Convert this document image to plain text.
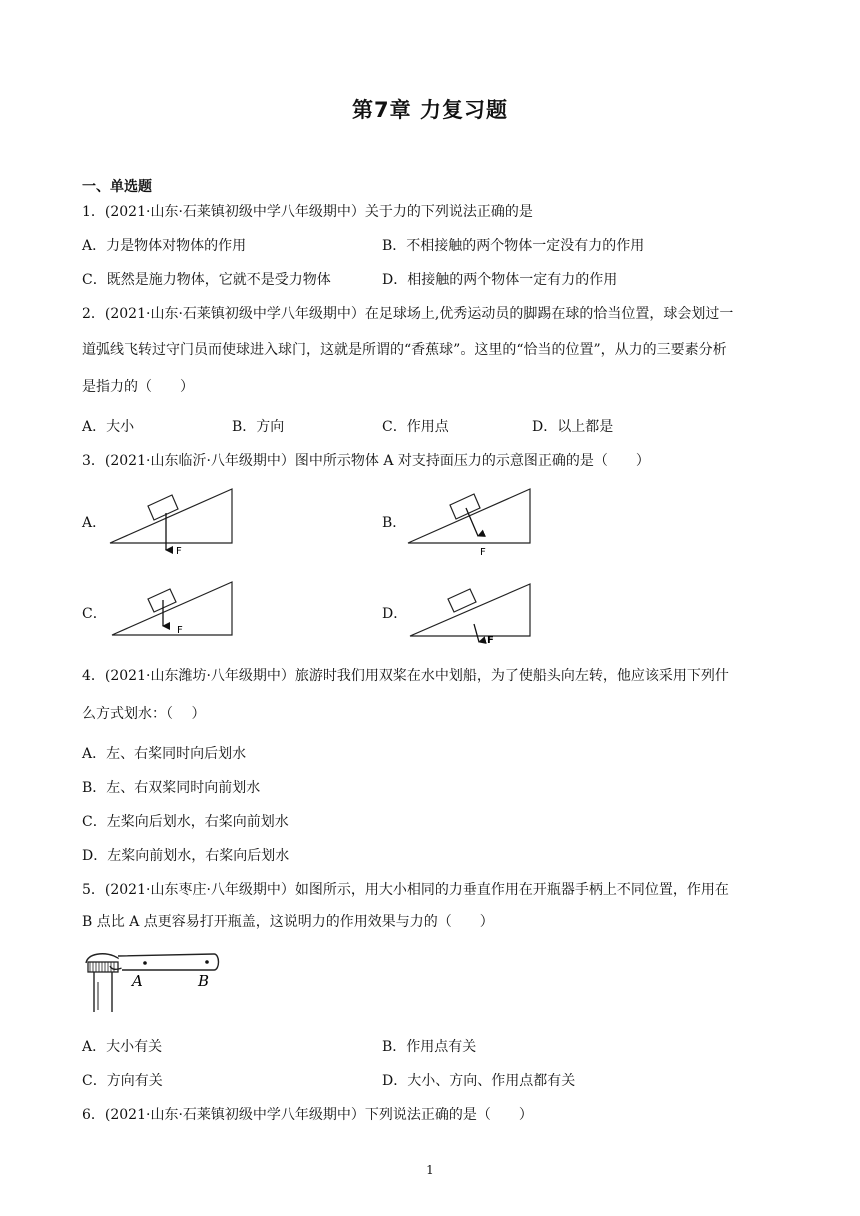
第7章 力复习题
一、单选题
1．(2021·山东·石莱镇初级中学八年级期中）关于力的下列说法正确的是
A．力是物体对物体的作用	B．不相接触的两个物体一定没有力的作用
C．既然是施力物体，它就不是受力物体	D．相接触的两个物体一定有力的作用
2．(2021·山东·石莱镇初级中学八年级期中）在足球场上,优秀运动员的脚踢在球的恰当位置，球会划过一
道弧线飞转过守门员而使球进入球门，这就是所谓的“香蕉球”。这里的“恰当的位置”，从力的三要素分析
是指力的（　　）
A．大小	B．方向	C．作用点	D．以上都是
3．(2021·山东临沂·八年级期中）图中所示物体 A 对支持面压力的示意图正确的是（　　）
A．
F
B．
F
C．
F
D．
F
4．(2021·山东潍坊·八年级期中）旅游时我们用双桨在水中划船，为了使船头向左转，他应该采用下列什
么方式划水：（　 ）
A．左、右桨同时向后划水
B．左、右双桨同时向前划水
C．左桨向后划水，右桨向前划水
D．左桨向前划水，右桨向后划水
5．(2021·山东枣庄·八年级期中）如图所示，用大小相同的力垂直作用在开瓶器手柄上不同位置，作用在
B 点比 A 点更容易打开瓶盖，这说明力的作用效果与力的（　　）
A	B
A．大小有关	B．作用点有关
C．方向有关	D．大小、方向、作用点都有关
6．(2021·山东·石莱镇初级中学八年级期中）下列说法正确的是（　　）
1
